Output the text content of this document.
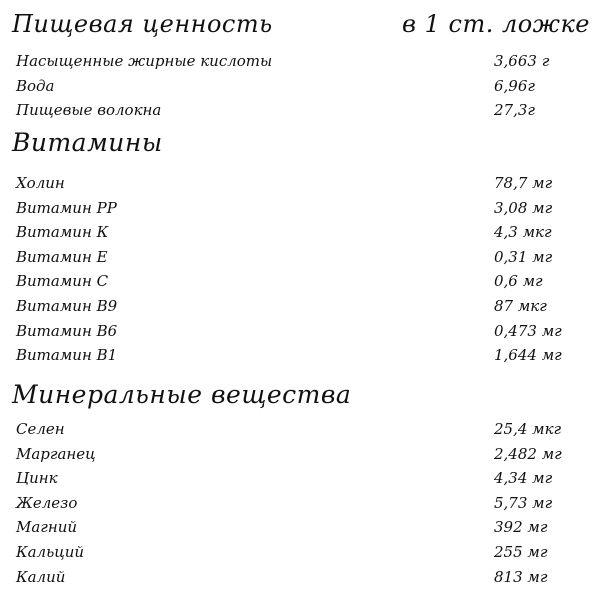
Пищевая ценность	в 1 ст. ложке
Насыщенные жирные кислоты	3,663 г
Вода	6,96г
Пищевые волокна	27,3г
Витамины
Холин	78,7 мг
Витамин PP	3,08 мг
Витамин К	4,3 мкг
Витамин Е	0,31 мг
Витамин С	0,6 мг
Витамин В9	87 мкг
Витамин В6	0,473 мг
Витамин В1	1,644 мг
Минеральные вещества
Селен	25,4 мкг
Марганец	2,482 мг
Цинк	4,34 мг
Железо	5,73 мг
Магний	392 мг
Кальций	255 мг
Калий	813 мг
